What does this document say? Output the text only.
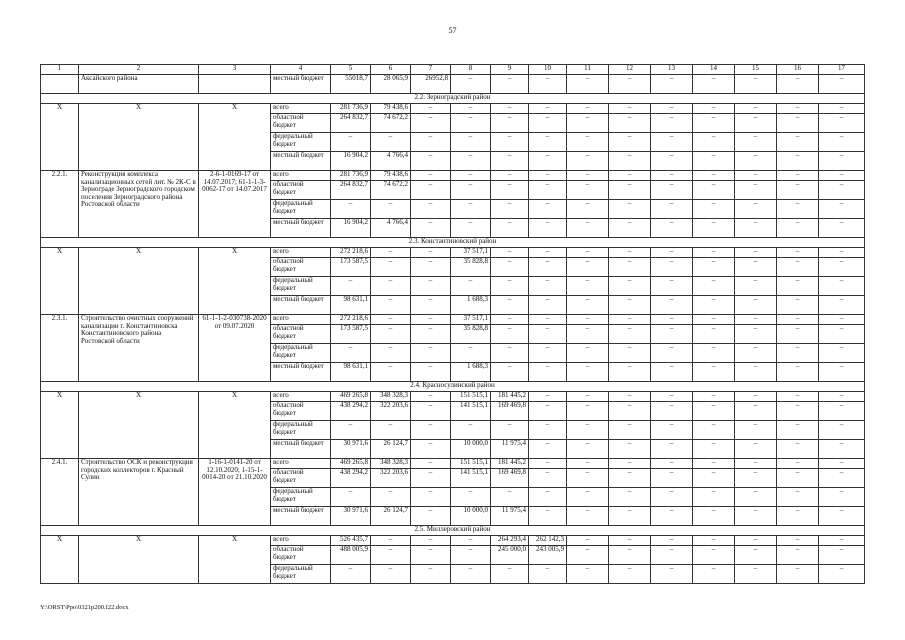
57
1	2	3	4	5	6	7	8	9	10	11	12	13	14	15	16	17
	Аксайского района		местный бюджет	55018,7	28 065,9	26952,8	–	–	–	–	–	–	–	–	–	–
2.2. Зерноградский район																
Х	Х	Х	всего	281 736,9	79 438,6	–	–	–	–	–	–	–	–	–	–	–
			областной бюджет	264 832,7	74 672,2	–	–	–	–	–	–	–	–	–	–	–
			федеральный бюджет	–	–	–	–	–	–	–	–	–	–	–	–	–
			местный бюджет	16 904,2	4 766,4	–	–	–	–	–	–	–	–	–	–	–
2.2.1.	Реконструкция комплекса канализационных сетей лит. № 2К-С в Зернограде Зерноградского городском поселения Зерноградского района Ростовской области	2-6-1-0169-17 от 14.07.2017; 61-1-1-3-0062-17 от 14.07.2017	всего	281 736,9	79 438,6	–	–	–	–	–	–	–	–	–	–	–
			областной бюджет	264 832,7	74 672,2	–	–	–	–	–	–	–	–	–	–	–
			федеральный бюджет	–	–	–	–	–	–	–	–	–	–	–	–	–
			местный бюджет	16 904,2	4 766,4	–	–	–	–	–	–	–	–	–	–	–
2.3. Константиновский район																
Х	Х	Х	всего	272 218,6	–	–	37 517,1	–	–	–	–	–	–	–	–	–
			областной бюджет	173 587,5	–	–	35 828,8	–	–	–	–	–	–	–	–	–
			федеральный бюджет	–	–	–	–	–	–	–	–	–	–	–	–	–
			местный бюджет	98 631,1	–	–	1 688,3	–	–	–	–	–	–	–	–	–
2.3.1.	Строительство очистных сооружений канализации г. Константиновска Константиновского района Ростовской области	61-1-1-2-030738-2020 от 09.07.2020	всего	272 218,6	–	–	37 517,1	–	–	–	–	–	–	–	–	–
			областной бюджет	173 587,5	–	–	35 828,8	–	–	–	–	–	–	–	–	–
			федеральный бюджет	–	–	–	–	–	–	–	–	–	–	–	–	–
			местный бюджет	98 631,1	–	–	1 688,3	–	–	–	–	–	–	–	–	–
2.4. Красносулинский район																
Х	Х	Х	всего	469 265,8	348 328,3	–	151 515,1	181 445,2	–	–	–	–	–	–	–	–
			областной бюджет	438 294,2	322 203,6	–	141 515,1	169 469,8	–	–	–	–	–	–	–	–
			федеральный бюджет	–	–	–	–	–	–	–	–	–	–	–	–	–
			местный бюджет	30 971,6	26 124,7	–	10 000,0	11 975,4	–	–	–	–	–	–	–	–
2.4.1.	Строительство ОСК и реконструкция городских коллекторов г. Красный Сулин	1-16-1-0141-20 от 12.10.2020; 1-15-1-0014-20 от 21.10.2020	всего	469 265,8	348 328,3	–	151 515,1	181 445,2	–	–	–	–	–	–	–	–
			областной бюджет	438 294,2	322 203,6	–	141 515,1	169 469,8	–	–	–	–	–	–	–	–
			федеральный бюджет	–	–	–	–	–	–	–	–	–	–	–	–	–
			местный бюджет	30 971,6	26 124,7	–	10 000,0	11 975,4	–	–	–	–	–	–	–	–
2.5. Миллеровский район																
Х	Х	Х	всего	526 435,7	–	–	–	264 293,4	262 142,3	–	–	–	–	–	–	–
			областной бюджет	488 005,9	–	–	–	245 000,0	243 005,9	–	–	–	–	–	–	–
			федеральный бюджет	–	–	–	–	–	–	–	–	–	–	–	–	–
Y:\ORST\Ppo\0321p200.f22.docx
